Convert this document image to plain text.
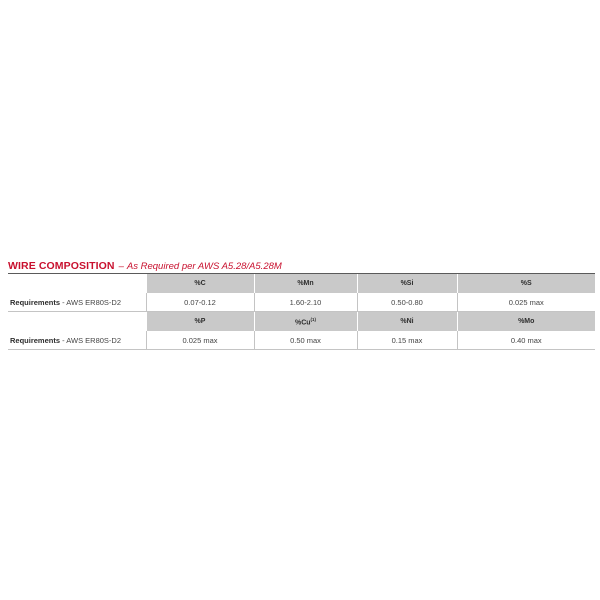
WIRE COMPOSITION – As Required per AWS A5.28/A5.28M
	%C	%Mn	%Si	%S
Requirements - AWS ER80S-D2	0.07-0.12	1.60-2.10	0.50-0.80	0.025 max
	%P	%Cu$^{(1)}$	%Ni	%Mo
Requirements - AWS ER80S-D2	0.025 max	0.50 max	0.15 max	0.40 max
